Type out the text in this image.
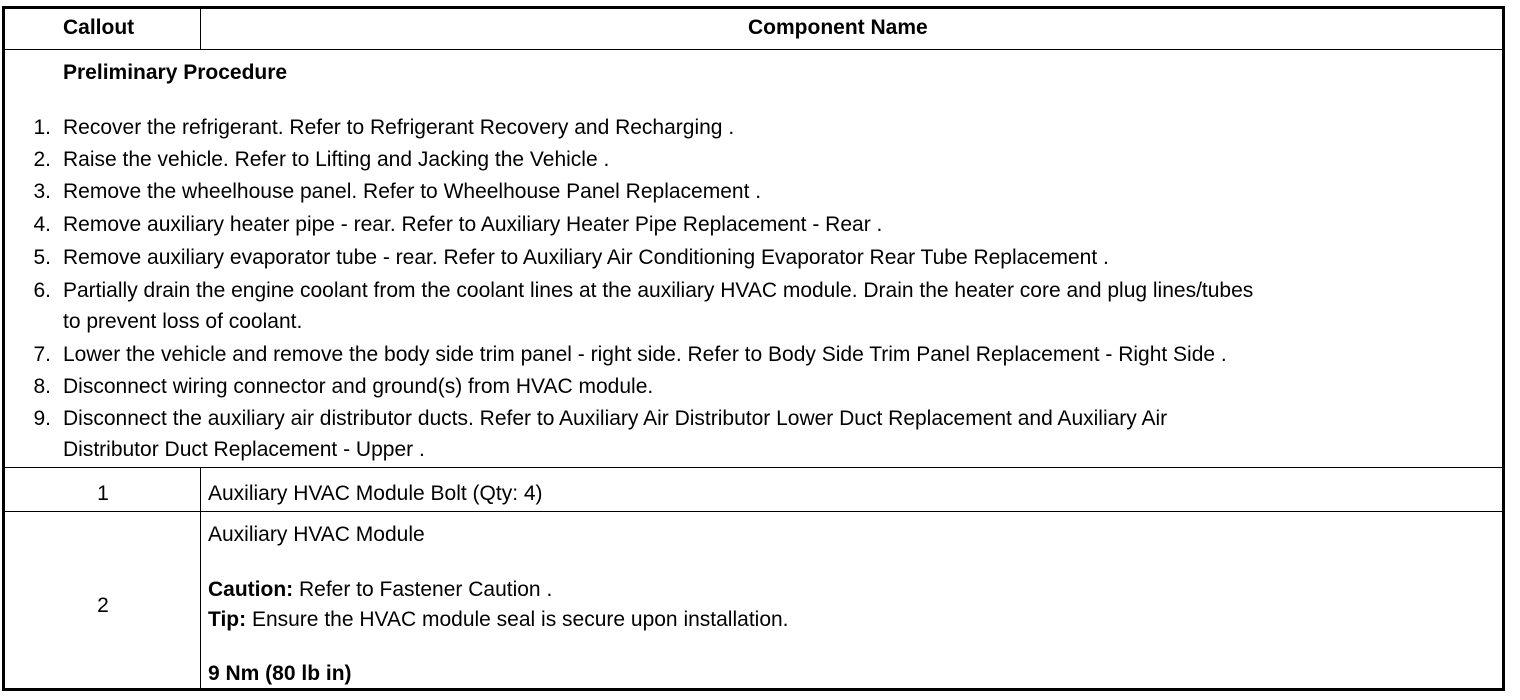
Callout	Component Name
Preliminary Procedure
1. Recover the refrigerant. Refer to Refrigerant Recovery and Recharging .
2. Raise the vehicle. Refer to Lifting and Jacking the Vehicle .
3. Remove the wheelhouse panel. Refer to Wheelhouse Panel Replacement .
4. Remove auxiliary heater pipe - rear. Refer to Auxiliary Heater Pipe Replacement - Rear .
5. Remove auxiliary evaporator tube - rear. Refer to Auxiliary Air Conditioning Evaporator Rear Tube Replacement .
6. Partially drain the engine coolant from the coolant lines at the auxiliary HVAC module. Drain the heater core and plug lines/tubes
to prevent loss of coolant.
7. Lower the vehicle and remove the body side trim panel - right side. Refer to Body Side Trim Panel Replacement - Right Side .
8. Disconnect wiring connector and ground(s) from HVAC module.
9. Disconnect the auxiliary air distributor ducts. Refer to Auxiliary Air Distributor Lower Duct Replacement and Auxiliary Air
Distributor Duct Replacement - Upper .
1	Auxiliary HVAC Module Bolt (Qty: 4)
2
Auxiliary HVAC Module
Caution: Refer to Fastener Caution .
Tip: Ensure the HVAC module seal is secure upon installation.
9 Nm (80 lb in)
